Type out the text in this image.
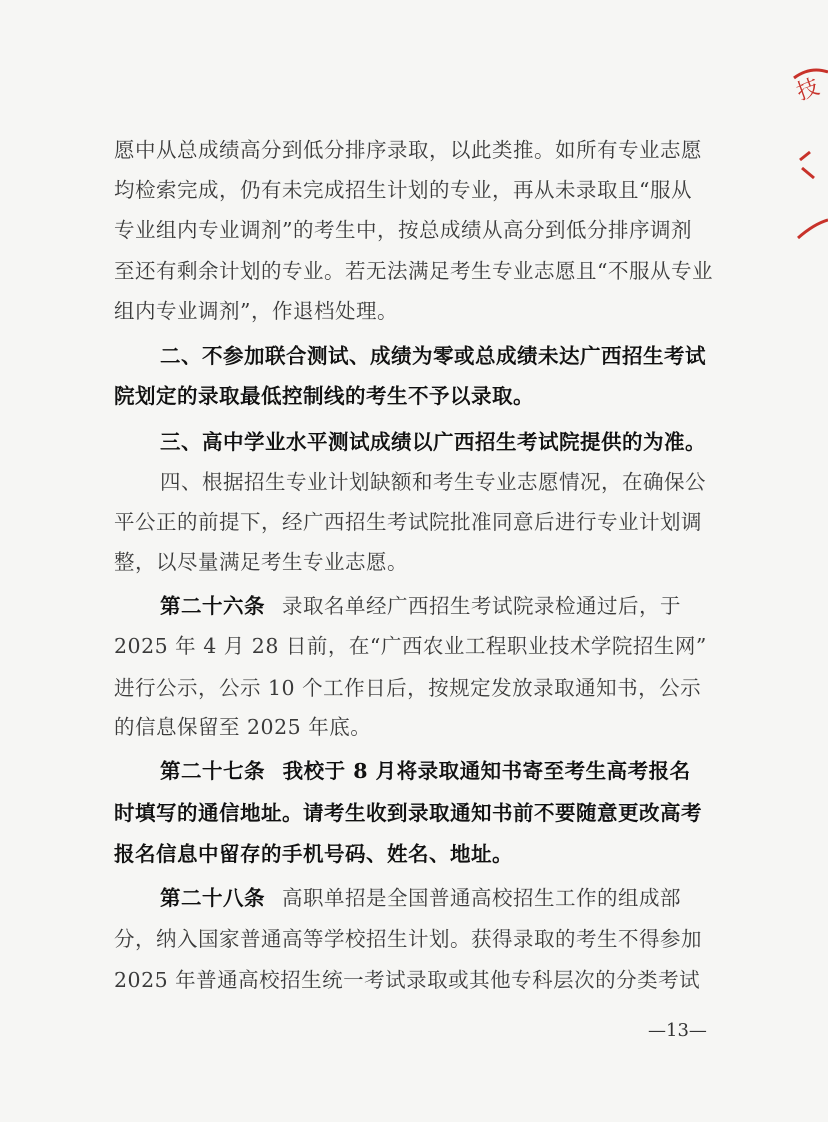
技
愿中从总成绩高分到低分排序录取，以此类推。如所有专业志愿
均检索完成，仍有未完成招生计划的专业，再从未录取且“服从
专业组内专业调剂”的考生中，按总成绩从高分到低分排序调剂
至还有剩余计划的专业。若无法满足考生专业志愿且“不服从专业
组内专业调剂”，作退档处理。
二、不参加联合测试、成绩为零或总成绩未达广西招生考试
院划定的录取最低控制线的考生不予以录取。
三、高中学业水平测试成绩以广西招生考试院提供的为准。
四、根据招生专业计划缺额和考生专业志愿情况，在确保公
平公正的前提下，经广西招生考试院批准同意后进行专业计划调
整，以尽量满足考生专业志愿。
第二十六条 录取名单经广西招生考试院录检通过后，于
2025 年 4 月 28 日前，在“广西农业工程职业技术学院招生网”
进行公示，公示 10 个工作日后，按规定发放录取通知书，公示
的信息保留至 2025 年底。
第二十七条 我校于 8 月将录取通知书寄至考生高考报名
时填写的通信地址。请考生收到录取通知书前不要随意更改高考
报名信息中留存的手机号码、姓名、地址。
第二十八条 高职单招是全国普通高校招生工作的组成部
分，纳入国家普通高等学校招生计划。获得录取的考生不得参加
2025 年普通高校招生统一考试录取或其他专科层次的分类考试
—13—
